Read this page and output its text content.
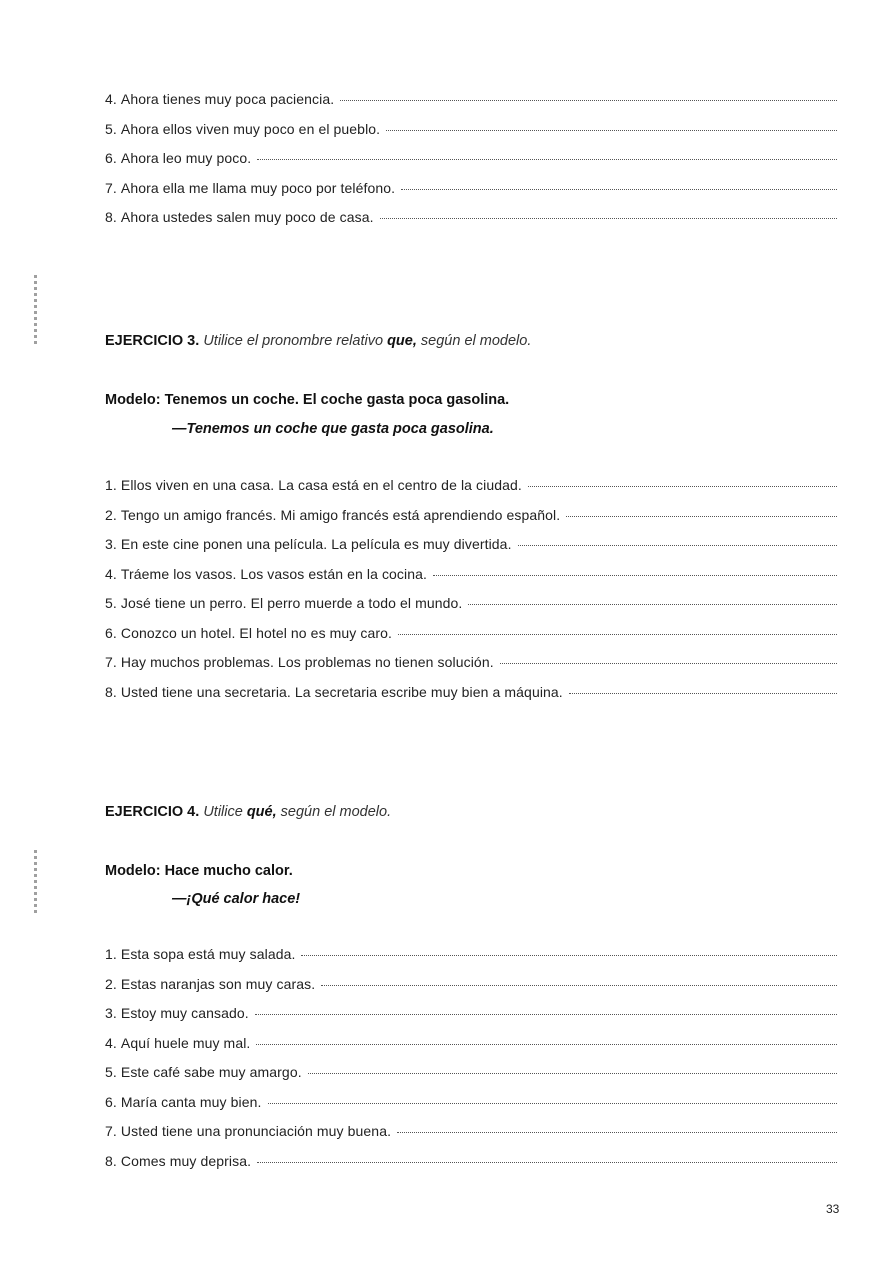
4. Ahora tienes muy poca paciencia.
5. Ahora ellos viven muy poco en el pueblo.
6. Ahora leo muy poco.
7. Ahora ella me llama muy poco por teléfono.
8. Ahora ustedes salen muy poco de casa.
EJERCICIO 3. Utilice el pronombre relativo que, según el modelo.
Modelo: Tenemos un coche. El coche gasta poca gasolina.
—Tenemos un coche que gasta poca gasolina.
1. Ellos viven en una casa. La casa está en el centro de la ciudad.
2. Tengo un amigo francés. Mi amigo francés está aprendiendo español.
3. En este cine ponen una película. La película es muy divertida.
4. Tráeme los vasos. Los vasos están en la cocina.
5. José tiene un perro. El perro muerde a todo el mundo.
6. Conozco un hotel. El hotel no es muy caro.
7. Hay muchos problemas. Los problemas no tienen solución.
8. Usted tiene una secretaria. La secretaria escribe muy bien a máquina.
EJERCICIO 4. Utilice qué, según el modelo.
Modelo: Hace mucho calor.
—¡Qué calor hace!
1. Esta sopa está muy salada.
2. Estas naranjas son muy caras.
3. Estoy muy cansado.
4. Aquí huele muy mal.
5. Este café sabe muy amargo.
6. María canta muy bien.
7. Usted tiene una pronunciación muy buena.
8. Comes muy deprisa.
33
